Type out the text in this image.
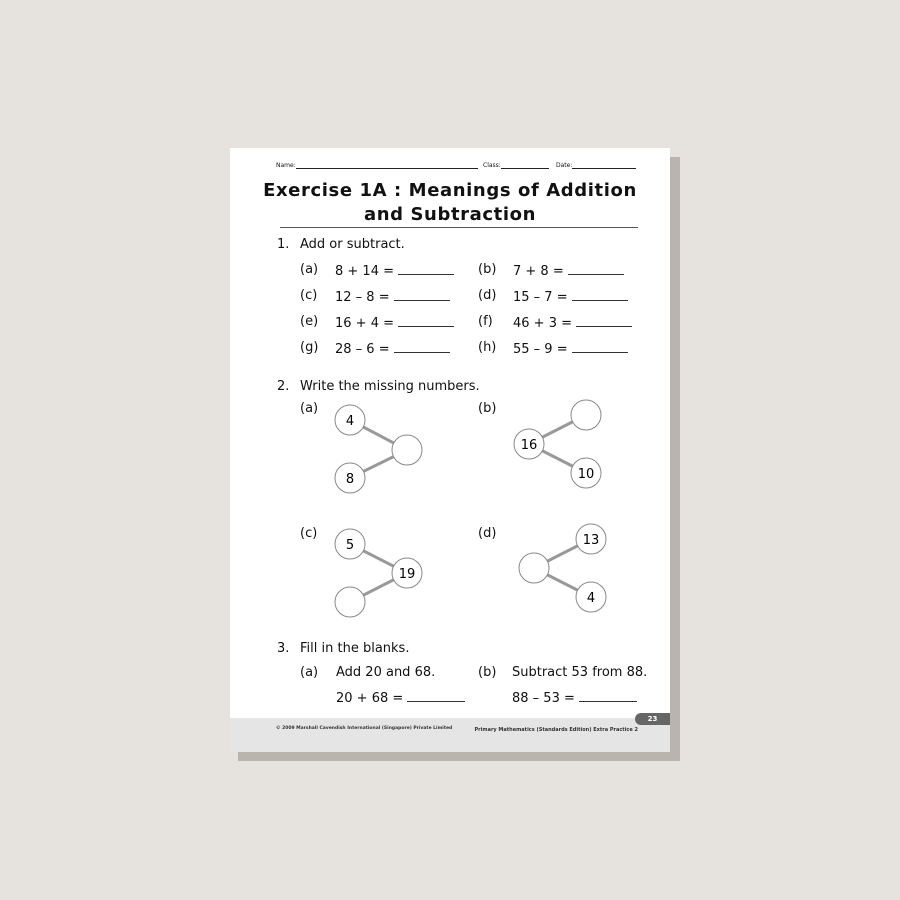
Name:	Class:	Date:
Exercise 1A : Meanings of Addition
and Subtraction
1. Add or subtract.
(a) 8 + 14 =	(b) 7 + 8 =
(c) 12 – 8 =	(d) 15 – 7 =
(e) 16 + 4 =	(f) 46 + 3 =
(g) 28 – 6 =	(h) 55 – 9 =
2. Write the missing numbers.
(a)	(b)
(c)	(d)
4
8
16
10
5
19
13
4
3. Fill in the blanks.
(a) Add 20 and 68.
20 + 68 =
(b) Subtract 53 from 88.
88 – 53 =
© 2009 Marshall Cavendish International (Singapore) Private Limited	Primary Mathematics (Standards Edition) Extra Practice 2
23
